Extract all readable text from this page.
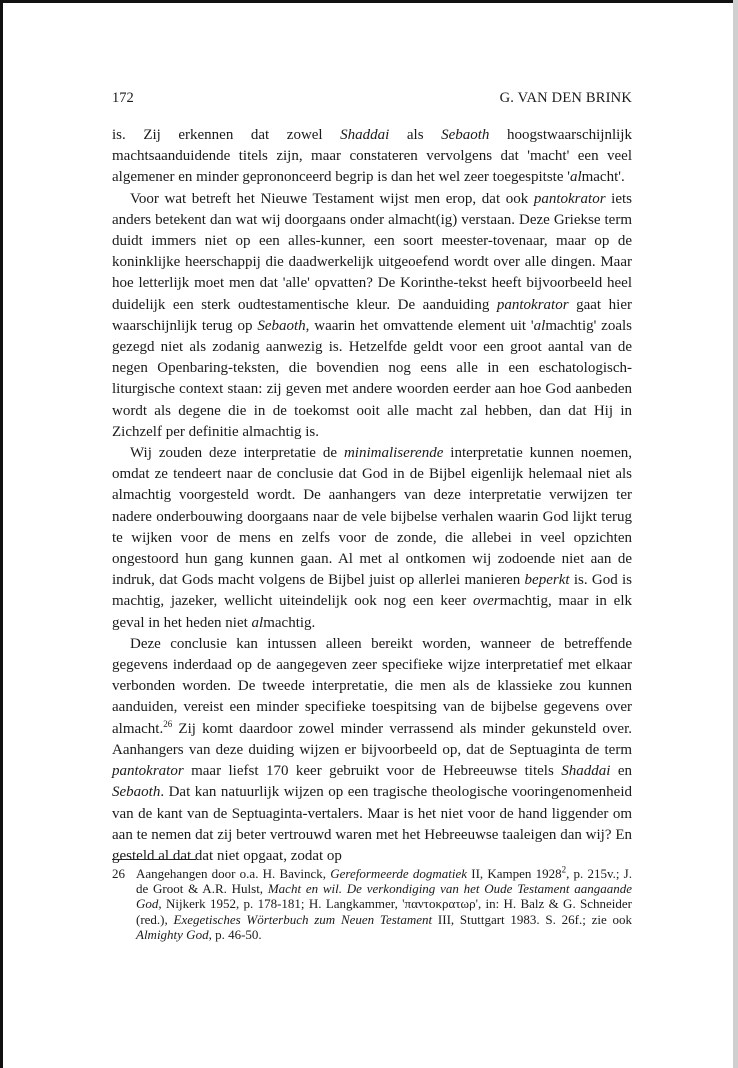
172	G. VAN DEN BRINK

is. Zij erkennen dat zowel Shaddai als Sebaoth hoogstwaarschijnlijk machtsaanduidende titels zijn, maar constateren vervolgens dat 'macht' een veel algemener en minder geprononceerd begrip is dan het wel zeer toegespitste 'almacht'.

Voor wat betreft het Nieuwe Testament wijst men erop, dat ook pantokrator iets anders betekent dan wat wij doorgaans onder almacht(ig) verstaan. Deze Griekse term duidt immers niet op een alles-kunner, een soort meester-tovenaar, maar op de koninklijke heerschappij die daadwerkelijk uitgeoefend wordt over alle dingen. Maar hoe letterlijk moet men dat 'alle' opvatten? De Korinthe-tekst heeft bijvoorbeeld heel duidelijk een sterk oudtestamentische kleur. De aanduiding pantokrator gaat hier waarschijnlijk terug op Sebaoth, waarin het omvattende element uit 'almachtig' zoals gezegd niet als zodanig aanwezig is. Hetzelfde geldt voor een groot aantal van de negen Openbaring-teksten, die bovendien nog eens alle in een eschatologisch-liturgische context staan: zij geven met andere woorden eerder aan hoe God aanbeden wordt als degene die in de toekomst ooit alle macht zal hebben, dan dat Hij in Zichzelf per definitie almachtig is.

Wij zouden deze interpretatie de minimaliserende interpretatie kunnen noemen, omdat ze tendeert naar de conclusie dat God in de Bijbel eigenlijk helemaal niet als almachtig voorgesteld wordt. De aanhangers van deze interpretatie verwijzen ter nadere onderbouwing doorgaans naar de vele bijbelse verhalen waarin God lijkt terug te wijken voor de mens en zelfs voor de zonde, die allebei in veel opzichten ongestoord hun gang kunnen gaan. Al met al ontkomen wij zodoende niet aan de indruk, dat Gods macht volgens de Bijbel juist op allerlei manieren beperkt is. God is machtig, jazeker, wellicht uiteindelijk ook nog een keer overmachtig, maar in elk geval in het heden niet almachtig.

Deze conclusie kan intussen alleen bereikt worden, wanneer de betreffende gegevens inderdaad op de aangegeven zeer specifieke wijze interpretatief met elkaar verbonden worden. De tweede interpretatie, die men als de klassieke zou kunnen aanduiden, vereist een minder specifieke toespitsing van de bijbelse gegevens over almacht.$^{26}$ Zij komt daardoor zowel minder verrassend als minder gekunsteld over. Aanhangers van deze duiding wijzen er bijvoorbeeld op, dat de Septuaginta de term pantokrator maar liefst 170 keer gebruikt voor de Hebreeuwse titels Shaddai en Sebaoth. Dat kan natuurlijk wijzen op een tragische theologische vooringenomenheid van de kant van de Septuaginta-vertalers. Maar is het niet voor de hand liggender om aan te nemen dat zij beter vertrouwd waren met het Hebreeuwse taaleigen dan wij? En gesteld al dat dat niet opgaat, zodat op

26 Aangehangen door o.a. H. Bavinck, Gereformeerde dogmatiek II, Kampen 1928$^2$, p. 215v.; J. de Groot & A.R. Hulst, Macht en wil. De verkondiging van het Oude Testament aangaande God, Nijkerk 1952, p. 178-181; H. Langkammer, 'παντοκρατωρ', in: H. Balz & G. Schneider (red.), Exegetisches Wörterbuch zum Neuen Testament III, Stuttgart 1983. S. 26f.; zie ook Almighty God, p. 46-50.
